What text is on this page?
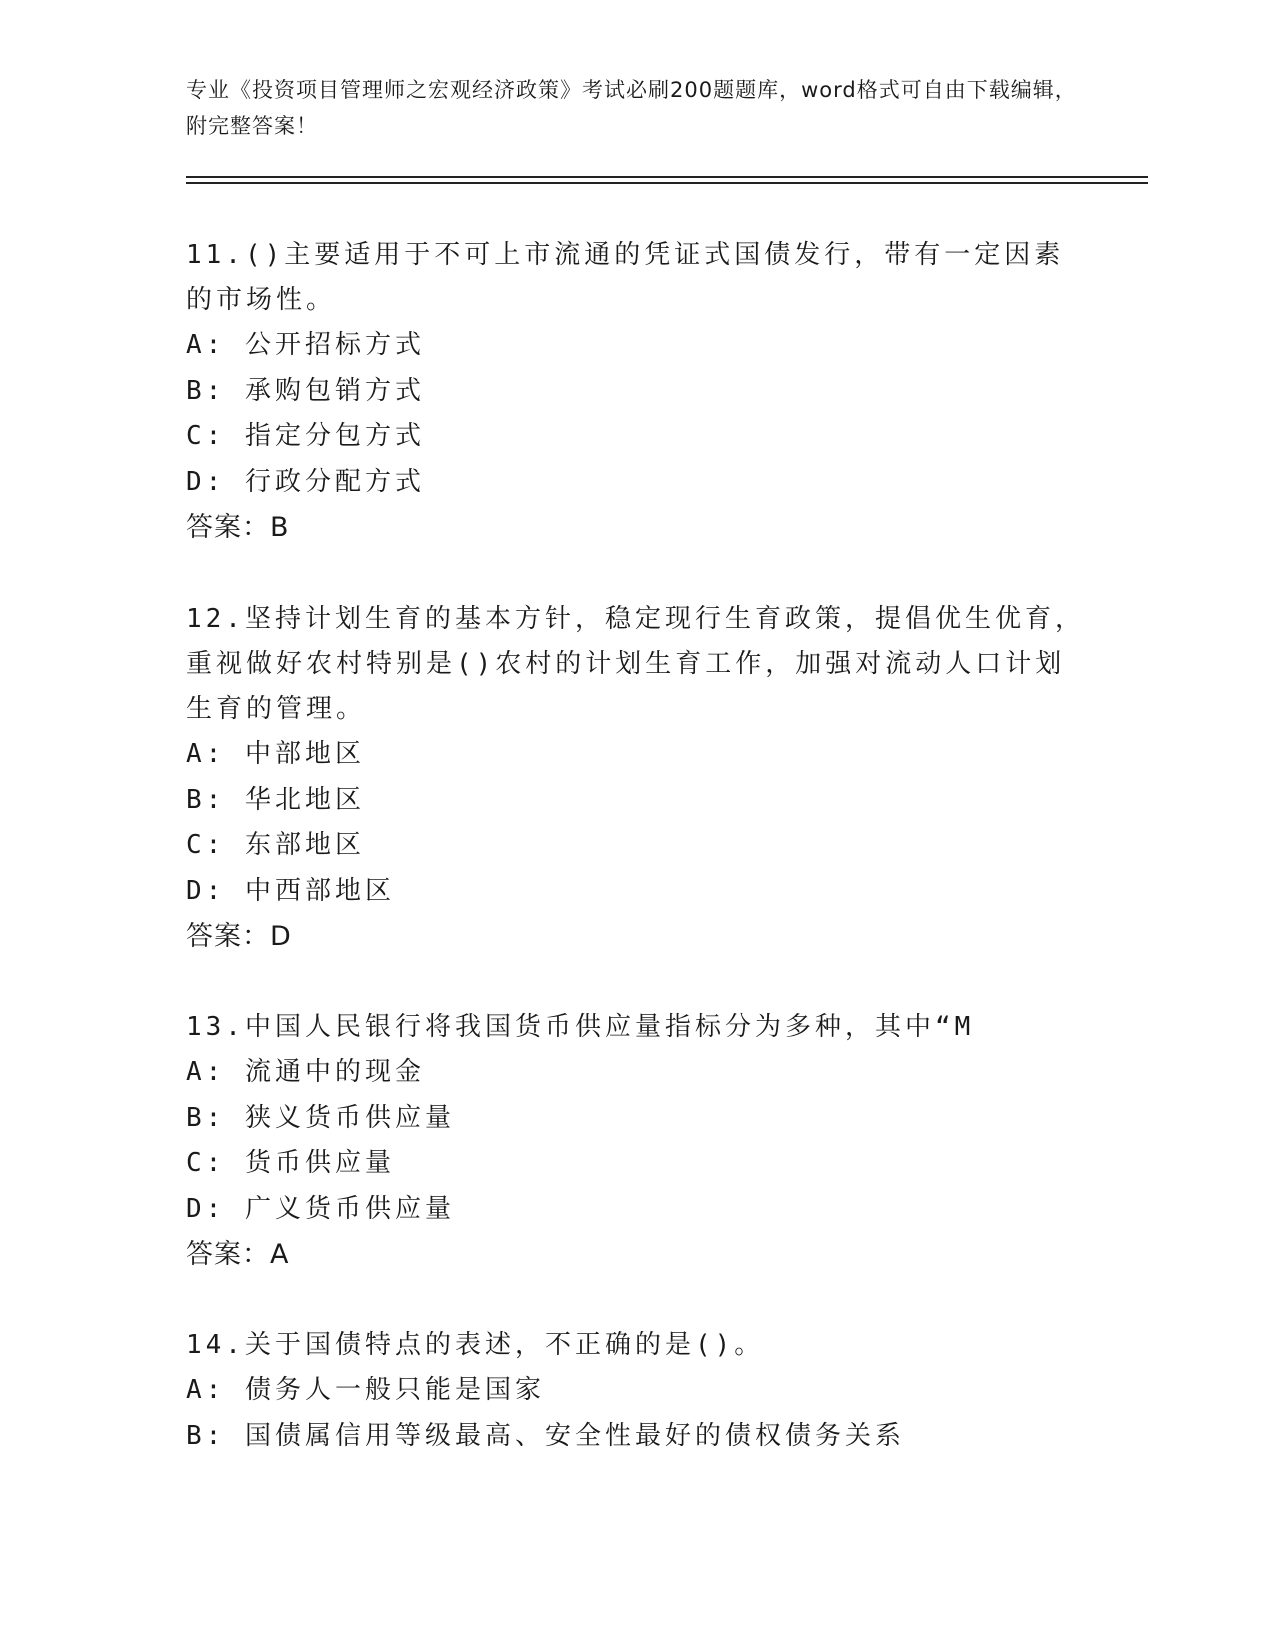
专业《投资项目管理师之宏观经济政策》考试必刷200题题库，word格式可自由下载编辑，附完整答案！

11.()主要适用于不可上市流通的凭证式国债发行，带有一定因素的市场性。

A: 公开招标方式

B: 承购包销方式

C: 指定分包方式

D: 行政分配方式

答案：B

12.坚持计划生育的基本方针，稳定现行生育政策，提倡优生优育，重视做好农村特别是()农村的计划生育工作，加强对流动人口计划生育的管理。

A: 中部地区

B: 华北地区

C: 东部地区

D: 中西部地区

答案：D

13.中国人民银行将我国货币供应量指标分为多种，其中“M

A: 流通中的现金

B: 狭义货币供应量

C: 货币供应量

D: 广义货币供应量

答案：A

14.关于国债特点的表述，不正确的是()。

A: 债务人一般只能是国家

B: 国债属信用等级最高、安全性最好的债权债务关系
